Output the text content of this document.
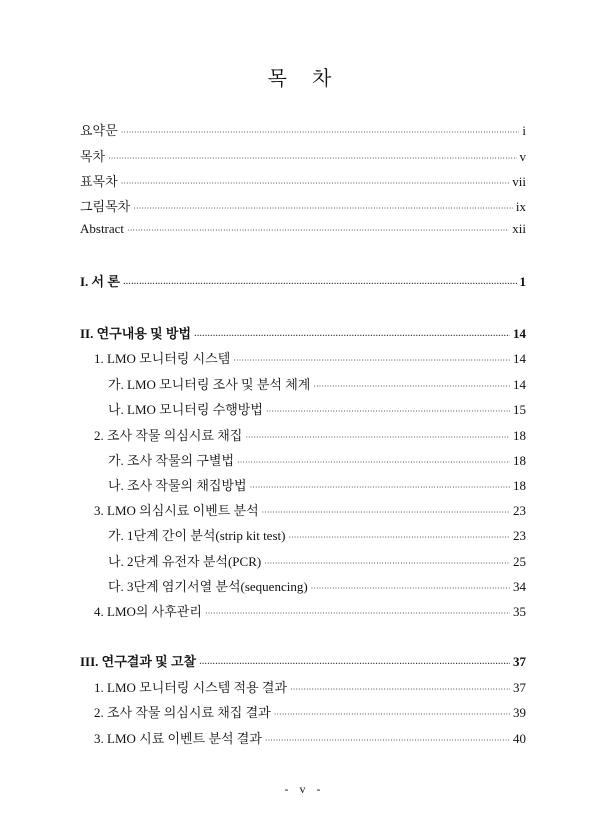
목 차
요약문 ·····	i
목차 ·····	v
표목차 ·····	vii
그림목차 ·····	ix
Abstract ·····	xii
I. 서 론 ·····	1
II. 연구내용 및 방법 ·····	14
1. LMO 모니터링 시스템 ·····	14
가. LMO 모니터링 조사 및 분석 체계 ·····	14
나. LMO 모니터링 수행방법 ·····	15
2. 조사 작물 의심시료 채집 ·····	18
가. 조사 작물의 구별법 ·····	18
나. 조사 작물의 채집방법 ·····	18
3. LMO 의심시료 이벤트 분석 ·····	23
가. 1단계 간이 분석(strip kit test) ·····	23
나. 2단계 유전자 분석(PCR) ·····	25
다. 3단계 염기서열 분석(sequencing) ·····	34
4. LMO의 사후관리 ·····	35
III. 연구결과 및 고찰 ·····	37
1. LMO 모니터링 시스템 적용 결과 ·····	37
2. 조사 작물 의심시료 채집 결과 ·····	39
3. LMO 시료 이벤트 분석 결과 ·····	40
- v -
